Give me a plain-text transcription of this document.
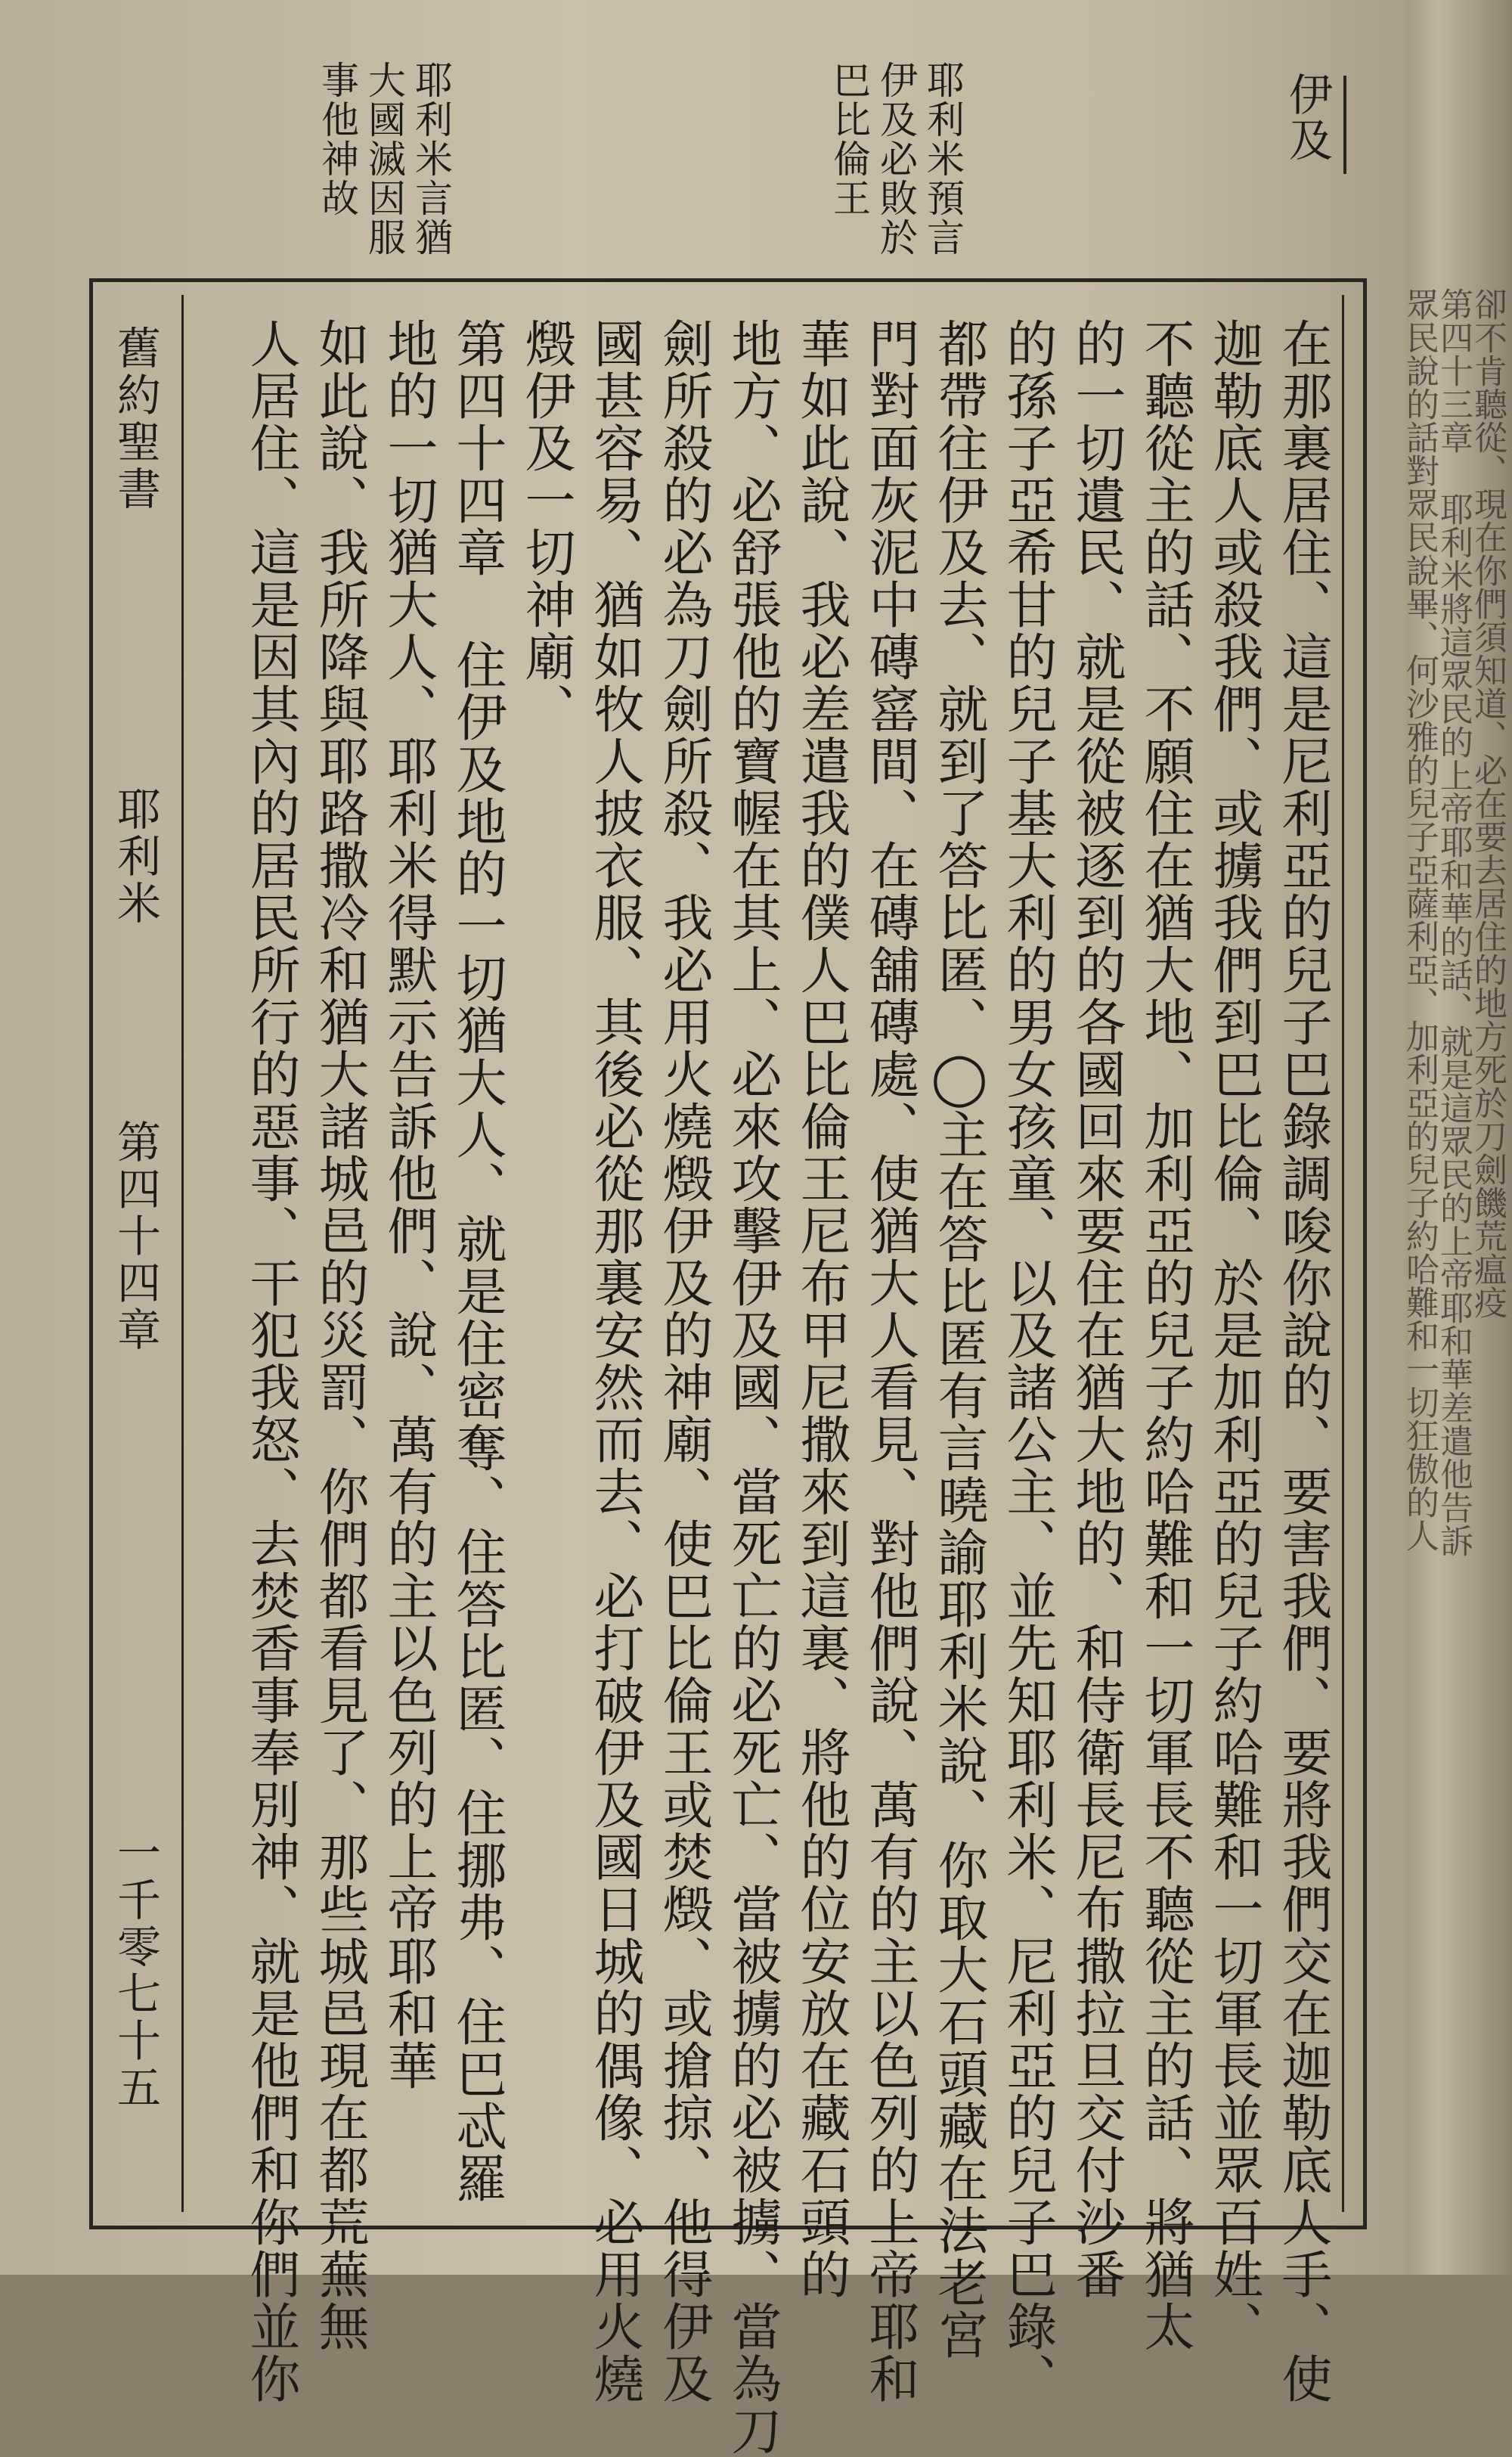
伊及
耶利米預言
伊及必敗於
巴比倫王
耶利米言猶
大國滅因服
事他神故
在那裏居住、這是尼利亞的兒子巴錄調唆你說的、要害我們、要將我們交在迦勒底人手、使
迦勒底人或殺我們、或擄我們到巴比倫、於是加利亞的兒子約哈難和一切軍長並眾百姓、
不聽從主的話、不願住在猶大地、加利亞的兒子約哈難和一切軍長不聽從主的話、將猶太
的一切遺民、就是從被逐到的各國回來要住在猶大地的、和侍衛長尼布撒拉旦交付沙番
的孫子亞希甘的兒子基大利的男女孩童、以及諸公主、並先知耶利米、尼利亞的兒子巴錄、
都帶往伊及去、就到了答比匿、◯主在答比匿有言曉諭耶利米說、你取大石頭藏在法老宮
門對面灰泥中磚窰間、在磚舖磚處、使猶大人看見、對他們說、萬有的主以色列的上帝耶和
華如此說、我必差遣我的僕人巴比倫王尼布甲尼撒來到這裏、將他的位安放在藏石頭的
地方、必舒張他的寶幄在其上、必來攻擊伊及國、當死亡的必死亡、當被擄的必被擄、當為刀
劍所殺的必為刀劍所殺、我必用火燒燬伊及的神廟、使巴比倫王或焚燬、或搶掠、他得伊及
國甚容易、猶如牧人披衣服、其後必從那裏安然而去、必打破伊及國日城的偶像、必用火燒
燬伊及一切神廟、
第四十四章 住伊及地的一切猶大人、就是住密奪、住答比匿、住挪弗、住巴忒羅
地的一切猶大人、耶利米得默示告訴他們、說、萬有的主以色列的上帝耶和華
如此說、我所降與耶路撒冷和猶大諸城邑的災罰、你們都看見了、那些城邑現在都荒蕪無
人居住、這是因其內的居民所行的惡事、干犯我怒、去焚香事奉別神、就是他們和你們並你
舊約聖書
耶利米
第四十四章
一千零七十五
卻不肯聽從、現在你們須知道、必在要去居住的地方死於刀劍饑荒瘟疫
第四十三章 耶利米將這眾民的上帝耶和華的話、就是這眾民的上帝耶和華差遣他告訴
眾民說的話對眾民說畢、何沙雅的兒子亞薩利亞、加利亞的兒子約哈難和一切狂傲的人
